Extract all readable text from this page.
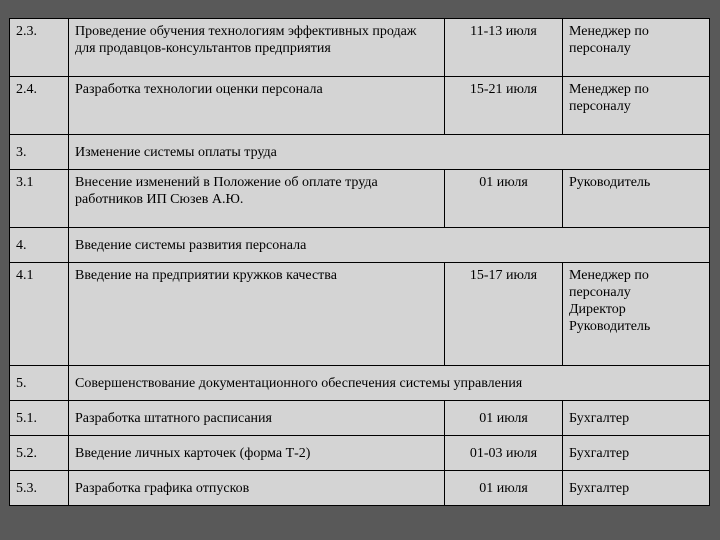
2.3.	Проведение обучения технологиям эффективных продаж для продавцов-консультантов предприятия	11-13 июля	Менеджер по персоналу

2.4.	Разработка технологии оценки персонала	15-21 июля	Менеджер по персоналу

3.	Изменение системы оплаты труда		
3.1	Внесение изменений в Положение об оплате труда работников ИП Сюзев А.Ю.	01 июля	Руководитель

4.	Введение системы развития персонала		
4.1	Введение на предприятии кружков качества	15-17 июля	Менеджер по персоналу
Директор
Руководитель

5.	Совершенствование документационного обеспечения системы управления		
5.1.	Разработка штатного расписания	01 июля	Бухгалтер

5.2.	Введение личных карточек (форма Т-2)	01-03 июля	Бухгалтер

5.3.	Разработка графика отпусков	01 июля	Бухгалтер
